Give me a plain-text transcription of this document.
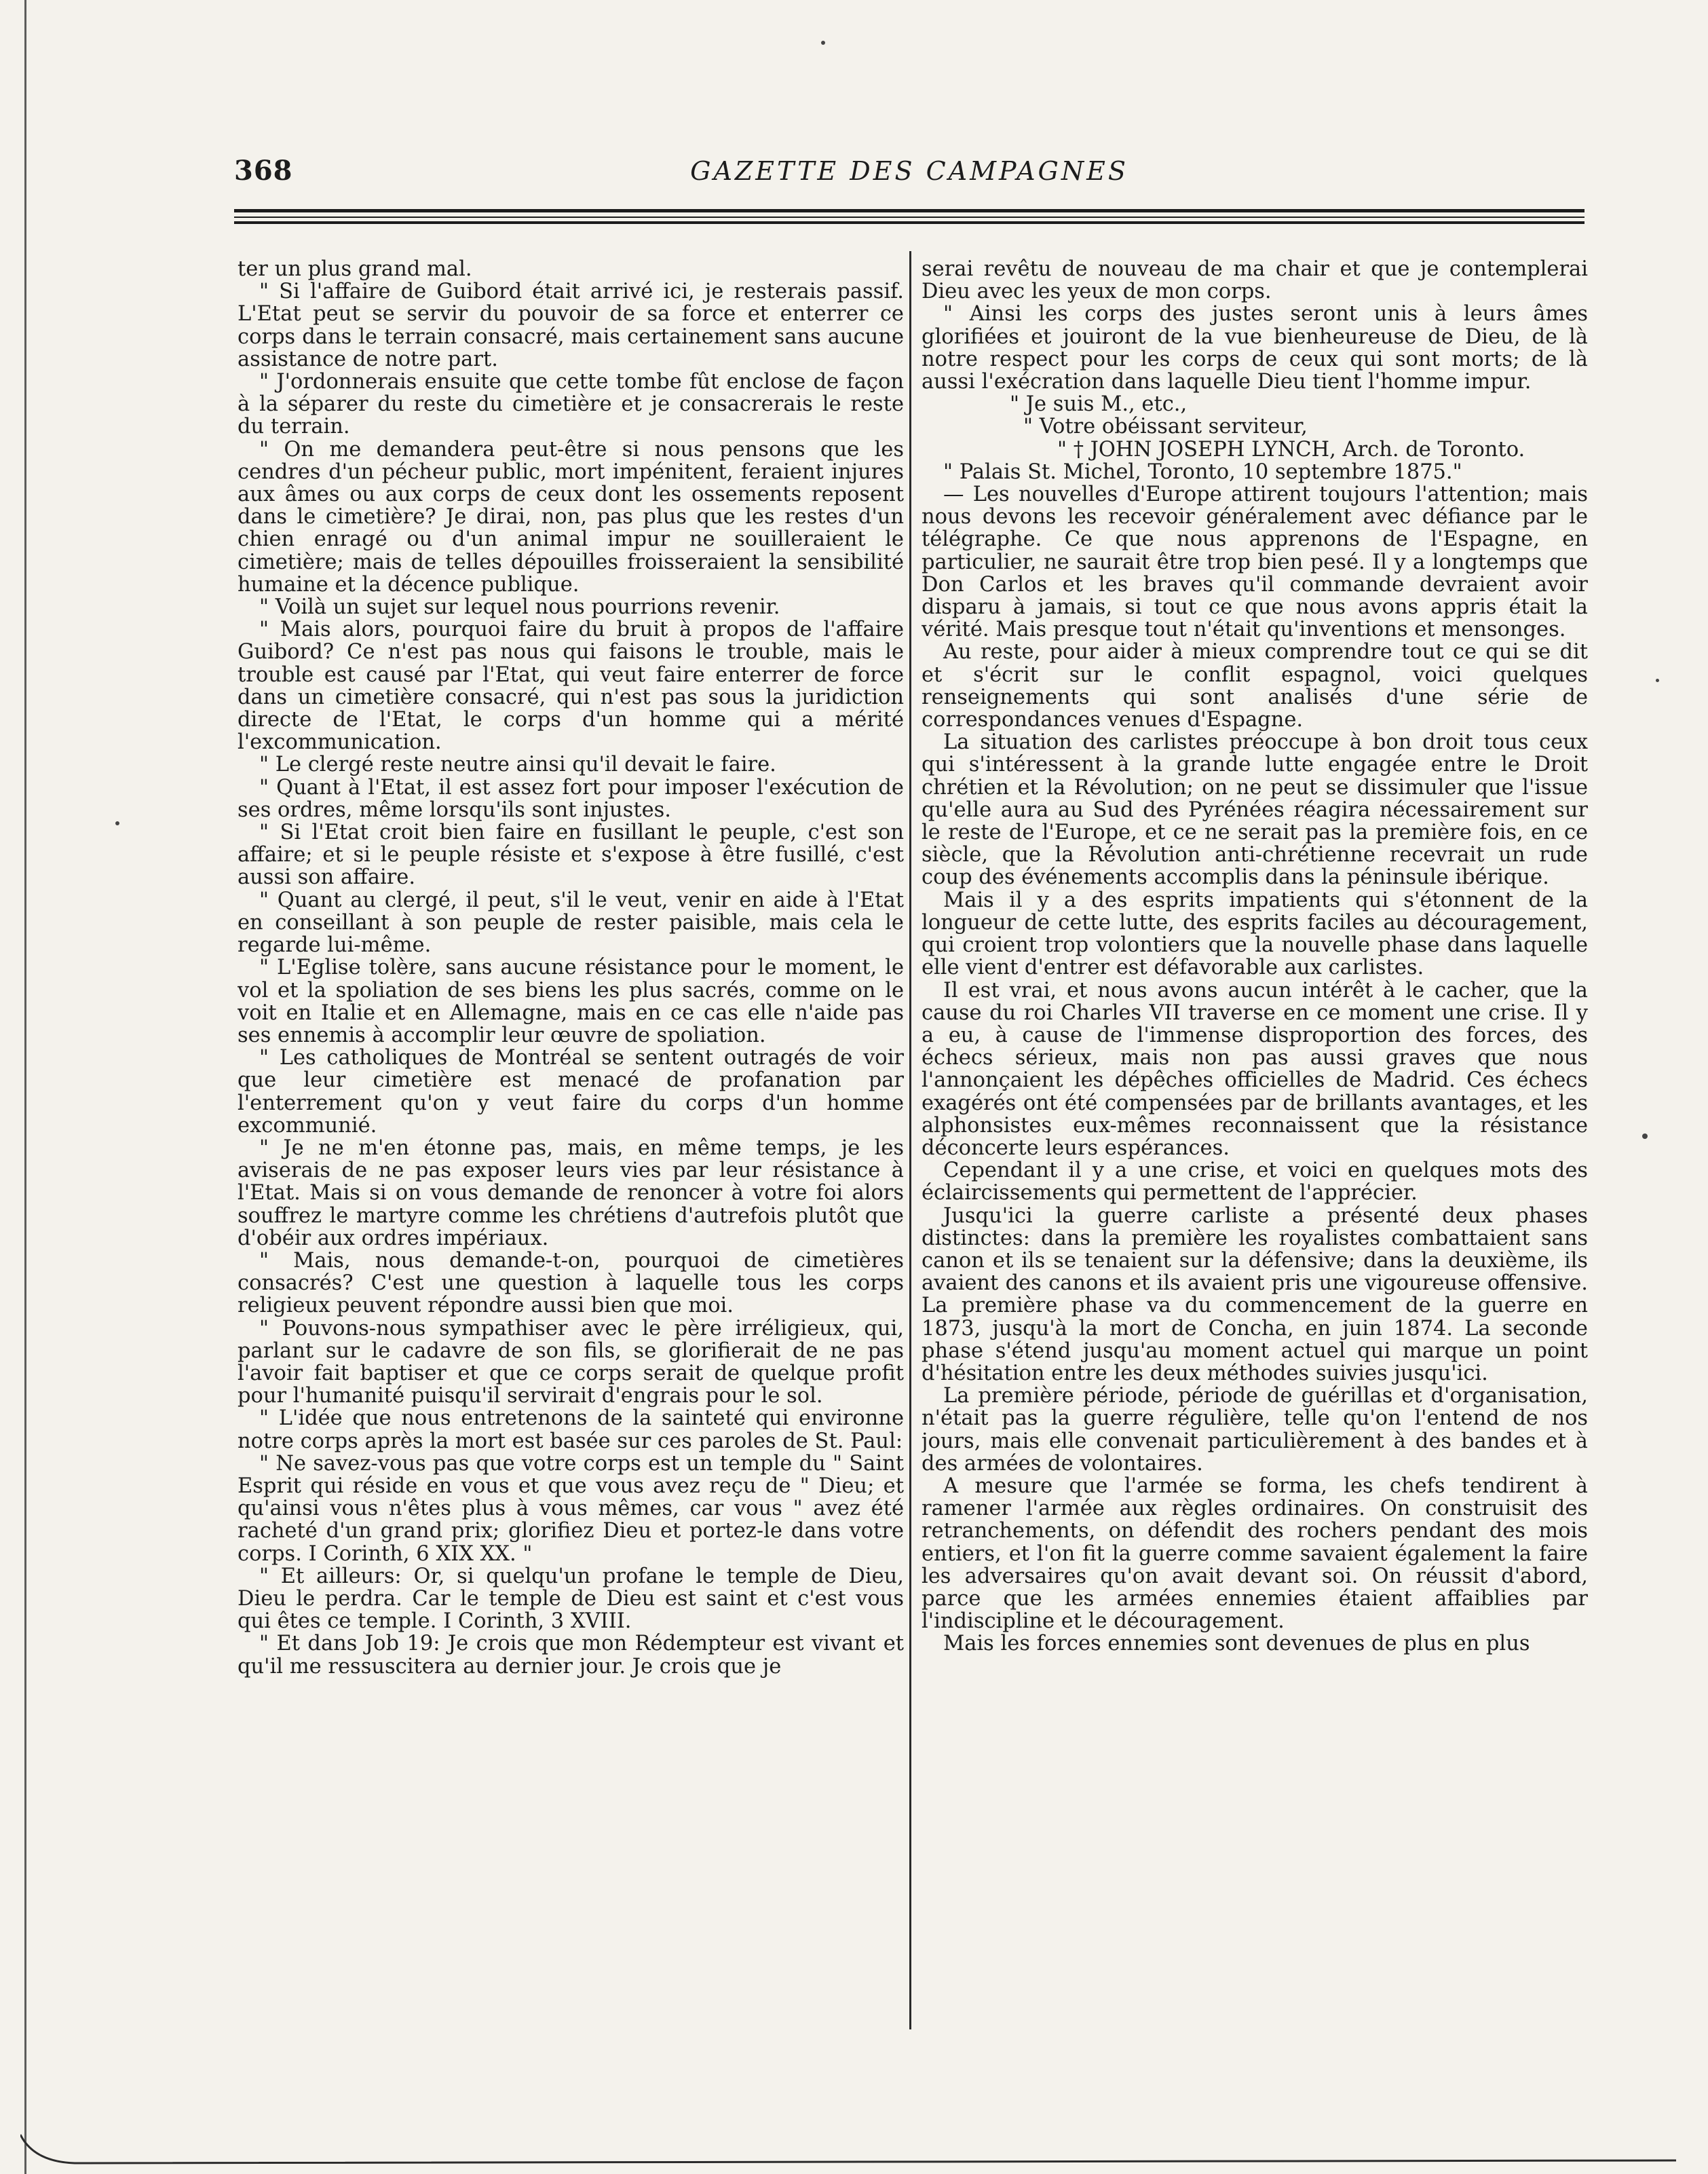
368	GAZETTE DES CAMPAGNES

ter un plus grand mal.

" Si l'affaire de Guibord était arrivé ici, je resterais passif. L'Etat peut se servir du pouvoir de sa force et enterrer ce corps dans le terrain consacré, mais certainement sans aucune assistance de notre part.

" J'ordonnerais ensuite que cette tombe fût enclose de façon à la séparer du reste du cimetière et je consacrerais le reste du terrain.

" On me demandera peut-être si nous pensons que les cendres d'un pécheur public, mort impénitent, feraient injures aux âmes ou aux corps de ceux dont les ossements reposent dans le cimetière? Je dirai, non, pas plus que les restes d'un chien enragé ou d'un animal impur ne souilleraient le cimetière; mais de telles dépouilles froisseraient la sensibilité humaine et la décence publique.

" Voilà un sujet sur lequel nous pourrions revenir.

" Mais alors, pourquoi faire du bruit à propos de l'affaire Guibord? Ce n'est pas nous qui faisons le trouble, mais le trouble est causé par l'Etat, qui veut faire enterrer de force dans un cimetière consacré, qui n'est pas sous la juridiction directe de l'Etat, le corps d'un homme qui a mérité l'excommunication.

" Le clergé reste neutre ainsi qu'il devait le faire.

" Quant à l'Etat, il est assez fort pour imposer l'exécution de ses ordres, même lorsqu'ils sont injustes.

" Si l'Etat croit bien faire en fusillant le peuple, c'est son affaire; et si le peuple résiste et s'expose à être fusillé, c'est aussi son affaire.

" Quant au clergé, il peut, s'il le veut, venir en aide à l'Etat en conseillant à son peuple de rester paisible, mais cela le regarde lui-même.

" L'Eglise tolère, sans aucune résistance pour le moment, le vol et la spoliation de ses biens les plus sacrés, comme on le voit en Italie et en Allemagne, mais en ce cas elle n'aide pas ses ennemis à accomplir leur œuvre de spoliation.

" Les catholiques de Montréal se sentent outragés de voir que leur cimetière est menacé de profanation par l'enterrement qu'on y veut faire du corps d'un homme excommunié.

" Je ne m'en étonne pas, mais, en même temps, je les aviserais de ne pas exposer leurs vies par leur résistance à l'Etat. Mais si on vous demande de renoncer à votre foi alors souffrez le martyre comme les chrétiens d'autrefois plutôt que d'obéir aux ordres impériaux.

" Mais, nous demande-t-on, pourquoi de cimetières consacrés? C'est une question à laquelle tous les corps religieux peuvent répondre aussi bien que moi.

" Pouvons-nous sympathiser avec le père irréligieux, qui, parlant sur le cadavre de son fils, se glorifierait de ne pas l'avoir fait baptiser et que ce corps serait de quelque profit pour l'humanité puisqu'il servirait d'engrais pour le sol.

" L'idée que nous entretenons de la sainteté qui environne notre corps après la mort est basée sur ces paroles de St. Paul:

" Ne savez-vous pas que votre corps est un temple du " Saint Esprit qui réside en vous et que vous avez reçu de " Dieu; et qu'ainsi vous n'êtes plus à vous mêmes, car vous " avez été racheté d'un grand prix; glorifiez Dieu et portez-le dans votre corps. I Corinth, 6 XIX XX. "

" Et ailleurs: Or, si quelqu'un profane le temple de Dieu, Dieu le perdra. Car le temple de Dieu est saint et c'est vous qui êtes ce temple. I Corinth, 3 XVIII.

" Et dans Job 19: Je crois que mon Rédempteur est vivant et qu'il me ressuscitera au dernier jour. Je crois que je

serai revêtu de nouveau de ma chair et que je contemplerai Dieu avec les yeux de mon corps.

" Ainsi les corps des justes seront unis à leurs âmes glorifiées et jouiront de la vue bienheureuse de Dieu, de là notre respect pour les corps de ceux qui sont morts; de là aussi l'exécration dans laquelle Dieu tient l'homme impur.

" Je suis M., etc.,

" Votre obéissant serviteur,

" † JOHN JOSEPH LYNCH, Arch. de Toronto.

" Palais St. Michel, Toronto, 10 septembre 1875."

— Les nouvelles d'Europe attirent toujours l'attention; mais nous devons les recevoir généralement avec défiance par le télégraphe. Ce que nous apprenons de l'Espagne, en particulier, ne saurait être trop bien pesé. Il y a longtemps que Don Carlos et les braves qu'il commande devraient avoir disparu à jamais, si tout ce que nous avons appris était la vérité. Mais presque tout n'était qu'inventions et mensonges.

Au reste, pour aider à mieux comprendre tout ce qui se dit et s'écrit sur le conflit espagnol, voici quelques renseignements qui sont analisés d'une série de correspondances venues d'Espagne.

La situation des carlistes préoccupe à bon droit tous ceux qui s'intéressent à la grande lutte engagée entre le Droit chrétien et la Révolution; on ne peut se dissimuler que l'issue qu'elle aura au Sud des Pyrénées réagira nécessairement sur le reste de l'Europe, et ce ne serait pas la première fois, en ce siècle, que la Révolution anti-chrétienne recevrait un rude coup des événements accomplis dans la péninsule ibérique.

Mais il y a des esprits impatients qui s'étonnent de la longueur de cette lutte, des esprits faciles au découragement, qui croient trop volontiers que la nouvelle phase dans laquelle elle vient d'entrer est défavorable aux carlistes.

Il est vrai, et nous avons aucun intérêt à le cacher, que la cause du roi Charles VII traverse en ce moment une crise. Il y a eu, à cause de l'immense disproportion des forces, des échecs sérieux, mais non pas aussi graves que nous l'annonçaient les dépêches officielles de Madrid. Ces échecs exagérés ont été compensées par de brillants avantages, et les alphonsistes eux-mêmes reconnaissent que la résistance déconcerte leurs espérances.

Cependant il y a une crise, et voici en quelques mots des éclaircissements qui permettent de l'apprécier.

Jusqu'ici la guerre carliste a présenté deux phases distinctes: dans la première les royalistes combattaient sans canon et ils se tenaient sur la défensive; dans la deuxième, ils avaient des canons et ils avaient pris une vigoureuse offensive. La première phase va du commencement de la guerre en 1873, jusqu'à la mort de Concha, en juin 1874. La seconde phase s'étend jusqu'au moment actuel qui marque un point d'hésitation entre les deux méthodes suivies jusqu'ici.

La première période, période de guérillas et d'organisation, n'était pas la guerre régulière, telle qu'on l'entend de nos jours, mais elle convenait particulièrement à des bandes et à des armées de volontaires.

A mesure que l'armée se forma, les chefs tendirent à ramener l'armée aux règles ordinaires. On construisit des retranchements, on défendit des rochers pendant des mois entiers, et l'on fit la guerre comme savaient également la faire les adversaires qu'on avait devant soi. On réussit d'abord, parce que les armées ennemies étaient affaiblies par l'indiscipline et le découragement.

Mais les forces ennemies sont devenues de plus en plus
